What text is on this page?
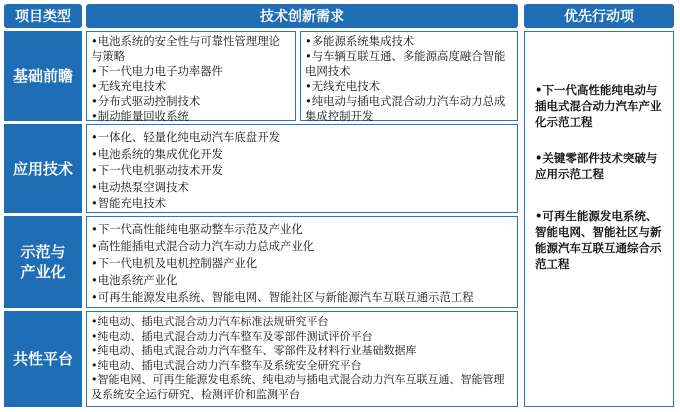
项目类型	技术创新需求	优先行动项
基础前瞻
应用技术
示范与
产业化
共性平台
•电池系统的安全性与可靠性管理理论与策略
•下一代电力电子功率器件
•无线充电技术
•分布式驱动控制技术
•制动能量回收系统
•多能源系统集成技术
•与车辆互联互通、多能源高度融合智能电网技术
•无线充电技术
•纯电动与插电式混合动力汽车动力总成集成控制开发
•一体化、轻量化纯电动汽车底盘开发
•电池系统的集成优化开发
•下一代电机驱动技术开发
•电动热泵空调技术
•智能充电技术
•下一代高性能纯电驱动整车示范及产业化
•高性能插电式混合动力汽车动力总成产业化
•下一代电机及电机控制器产业化
•电池系统产业化
•可再生能源发电系统、智能电网、智能社区与新能源汽车互联互通示范工程
•纯电动、插电式混合动力汽车标准法规研究平台
•纯电动、插电式混合动力汽车整车及零部件测试评价平台
•纯电动、插电式混合动力汽车整车、零部件及材料行业基础数据库
•纯电动、插电式混合动力汽车整车及系统安全研究平台
•智能电网、可再生能源发电系统、纯电动与插电式混合动力汽车互联互通、智能管理及系统安全运行研究、检测评价和监测平台
•下一代高性能纯电动与插电式混合动力汽车产业化示范工程
•关键零部件技术突破与应用示范工程
•可再生能源发电系统、智能电网、智能社区与新能源汽车互联互通综合示范工程
